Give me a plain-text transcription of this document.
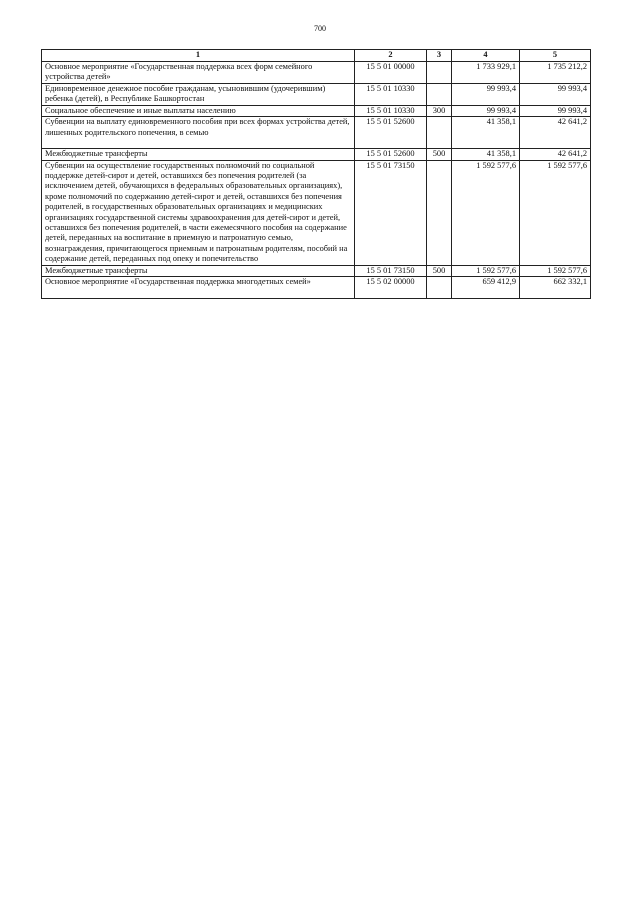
700
1	2	3	4	5
Основное мероприятие «Государственная поддержка всех форм семейного устройства детей»	15 5 01 00000		1 733 929,1	1 735 212,2
Единовременное денежное пособие гражданам, усыновившим (удочерившим) ребенка (детей), в Республике Башкортостан	15 5 01 10330		99 993,4	99 993,4
Социальное обеспечение и иные выплаты населению	15 5 01 10330	300	99 993,4	99 993,4
Субвенции на выплату единовременного пособия при всех формах устройства детей, лишенных родительского попечения, в семью	15 5 01 52600		41 358,1	42 641,2
Межбюджетные трансферты	15 5 01 52600	500	41 358,1	42 641,2
Субвенции на осуществление государственных полномочий по социальной поддержке детей-сирот и детей, оставшихся без попечения родителей (за исключением детей, обучающихся в федеральных образовательных организациях), кроме полномочий по содержанию детей-сирот и детей, оставшихся без попечения родителей, в государственных образовательных организациях и медицинских организациях государственной системы здравоохранения для детей-сирот и детей, оставшихся без попечения родителей, в части ежемесячного пособия на содержание детей, переданных на воспитание в приемную и патронатную семью, вознаграждения, причитающегося приемным и патронатным родителям, пособий на содержание детей, переданных под опеку и попечительство	15 5 01 73150		1 592 577,6	1 592 577,6
Межбюджетные трансферты	15 5 01 73150	500	1 592 577,6	1 592 577,6
Основное мероприятие «Государственная поддержка многодетных семей»	15 5 02 00000		659 412,9	662 332,1
